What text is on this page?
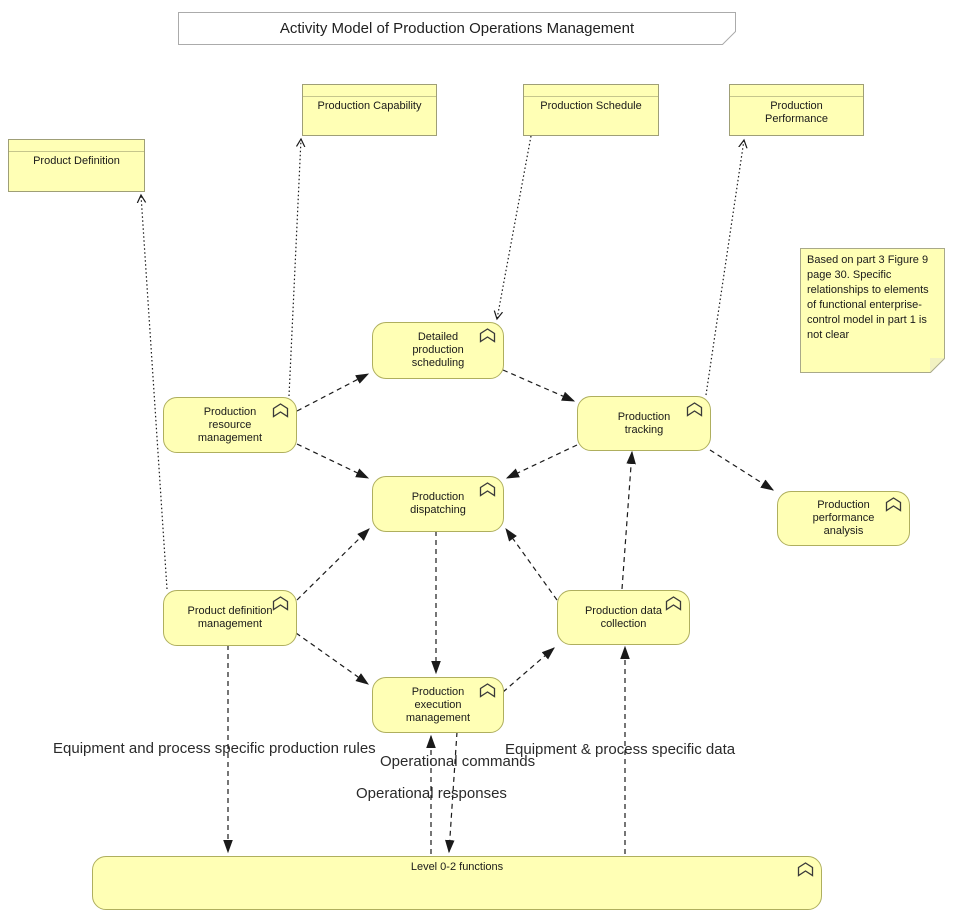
Activity Model of Production Operations Management
Product Definition
Production Capability	Production Schedule	Production Performance
Based on part 3 Figure 9 page 30. Specific relationships to elements of functional enterprise-control model in part 1 is not clear
Detailed production scheduling
Production resource management
Production tracking
Production dispatching	Production performance analysis
Product definition management
Production data collection
Production execution management
Level 0-2 functions
Equipment and process specific production rules
Operational commands
Equipment & process specific data
Operational responses
